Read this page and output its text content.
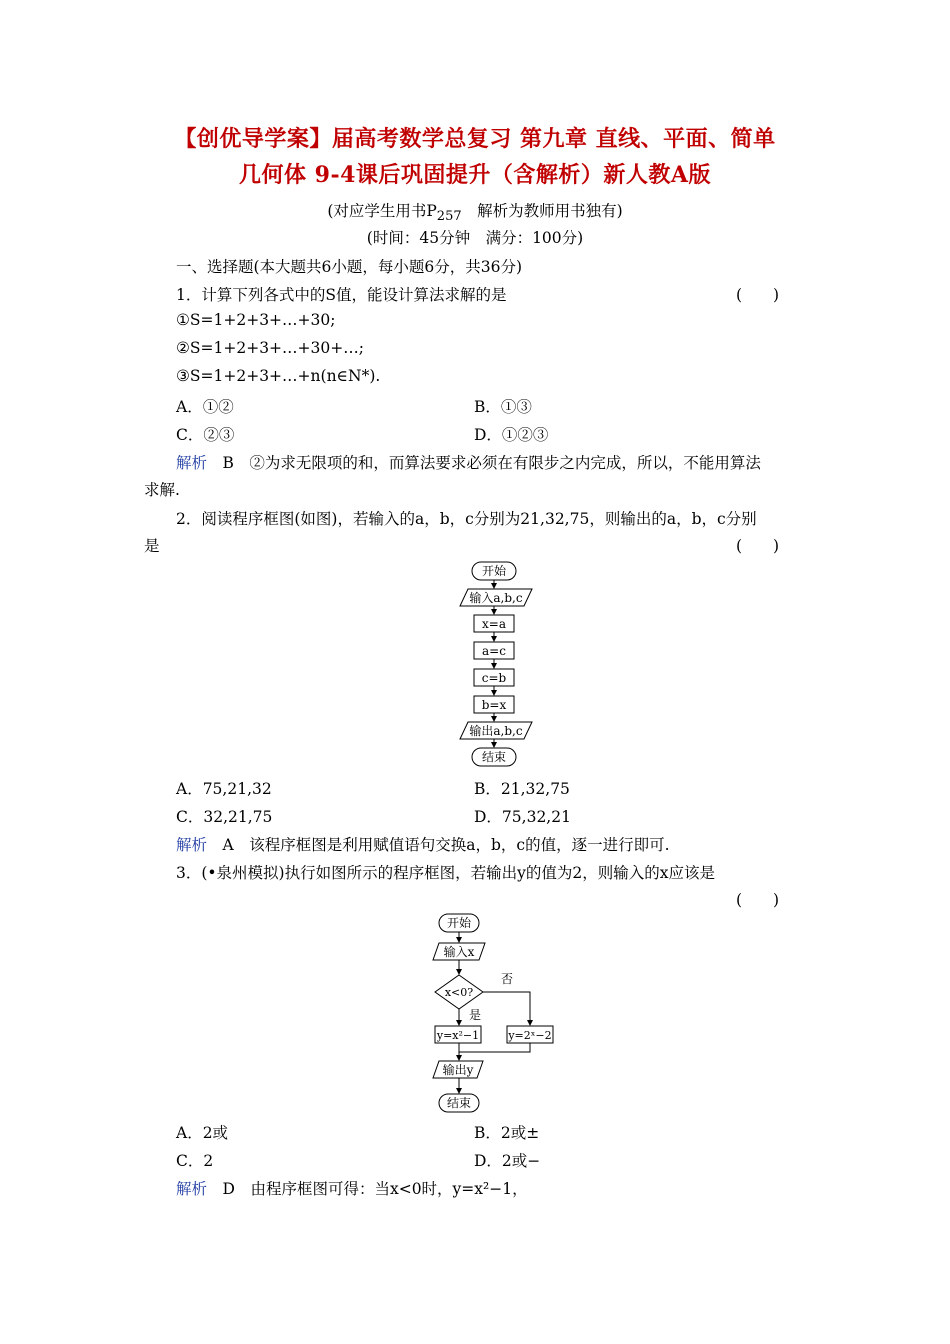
【创优导学案】届高考数学总复习 第九章 直线、平面、简单
几何体 9-4课后巩固提升（含解析）新人教A版
(对应学生用书$P_{257}$　解析为教师用书独有)
(时间：45分钟　满分：100分)
一、选择题(本大题共6小题，每小题6分，共36分)
1．计算下列各式中的S值，能设计算法求解的是	(　　)
①S=1+2+3+…+30;
②S=1+2+3+…+30+…;
③S=1+2+3+…+n(n∈N*).
A．①②	B．①③
C．②③	D．①②③
解析　 B　②为求无限项的和，而算法要求必须在有限步之内完成，所以，不能用算法
求解.
2．阅读程序框图(如图)，若输入的a，b，c分别为21,32,75，则输出的a，b，c分别
是	(　　)
开始
输入a,b,c
x=a
a=c
c=b
b=x
输出a,b,c
结束
A．75,21,32	B．21,32,75
C．32,21,75	D．75,32,21
解析　 A　该程序框图是利用赋值语句交换a，b，c的值，逐一进行即可.
3．(•泉州模拟)执行如图所示的程序框图，若输出y的值为2，则输入的x应该是
(　　)
开始
输入x
x<0?
是
否
y=x²−1	y=2ˣ−2
输出y
结束
A．2或	B．2或±
C．2	D．2或−
解析　 D　由程序框图可得：当x<0时，y=x²−1，
